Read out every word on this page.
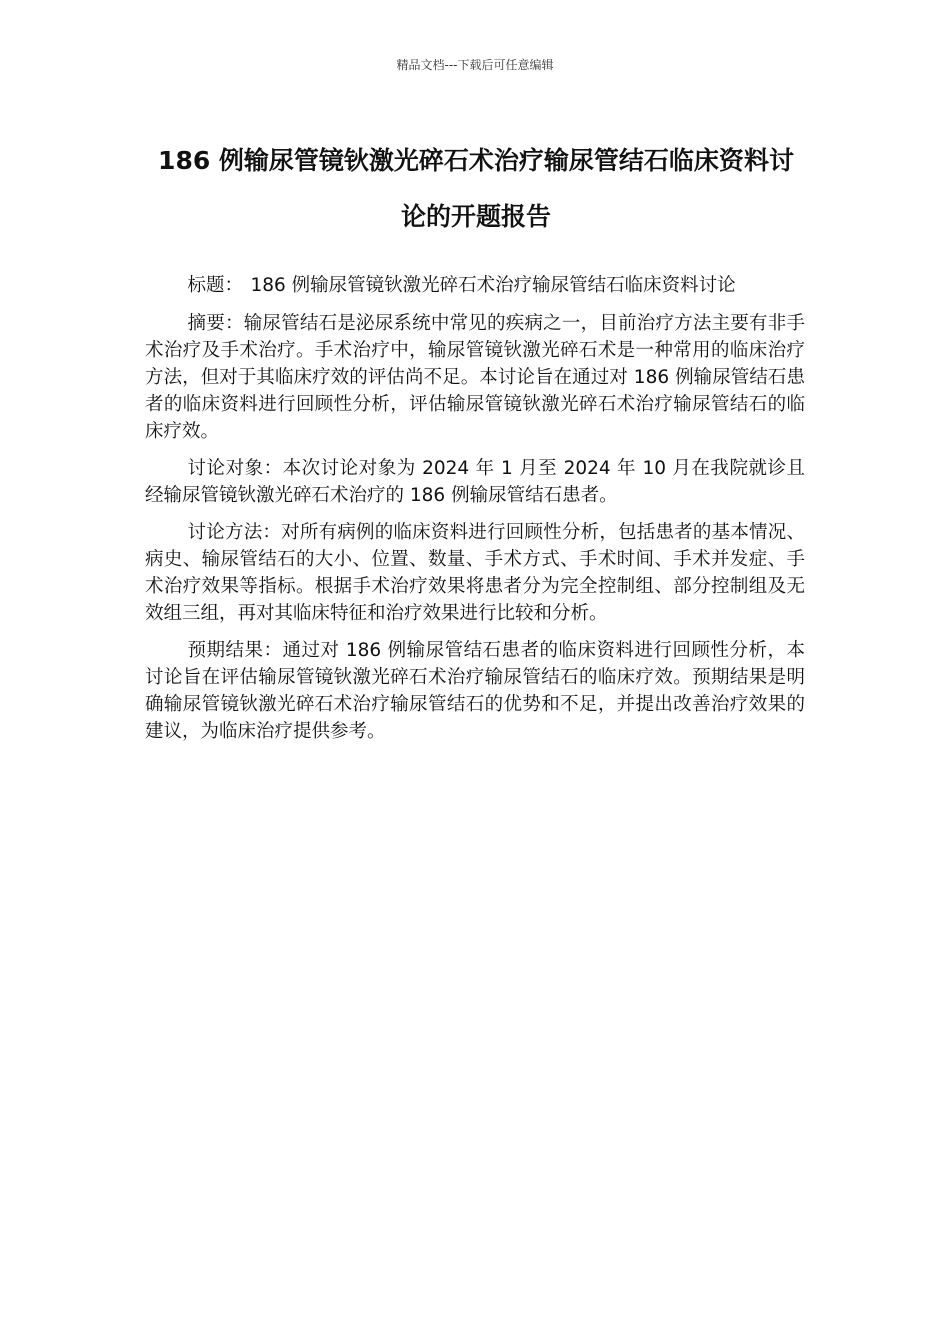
精品文档---下载后可任意编辑
186 例输尿管镜钬激光碎石术治疗输尿管结石临床资料讨论的开题报告

标题： 186 例输尿管镜钬激光碎石术治疗输尿管结石临床资料讨论

摘要：输尿管结石是泌尿系统中常见的疾病之一，目前治疗方法主要有非手术治疗及手术治疗。手术治疗中，输尿管镜钬激光碎石术是一种常用的临床治疗方法，但对于其临床疗效的评估尚不足。本讨论旨在通过对 186 例输尿管结石患者的临床资料进行回顾性分析，评估输尿管镜钬激光碎石术治疗输尿管结石的临床疗效。

讨论对象：本次讨论对象为 2024 年 1 月至 2024 年 10 月在我院就诊且经输尿管镜钬激光碎石术治疗的 186 例输尿管结石患者。

讨论方法：对所有病例的临床资料进行回顾性分析，包括患者的基本情况、病史、输尿管结石的大小、位置、数量、手术方式、手术时间、手术并发症、手术治疗效果等指标。根据手术治疗效果将患者分为完全控制组、部分控制组及无效组三组，再对其临床特征和治疗效果进行比较和分析。

预期结果：通过对 186 例输尿管结石患者的临床资料进行回顾性分析，本讨论旨在评估输尿管镜钬激光碎石术治疗输尿管结石的临床疗效。预期结果是明确输尿管镜钬激光碎石术治疗输尿管结石的优势和不足，并提出改善治疗效果的建议，为临床治疗提供参考。
